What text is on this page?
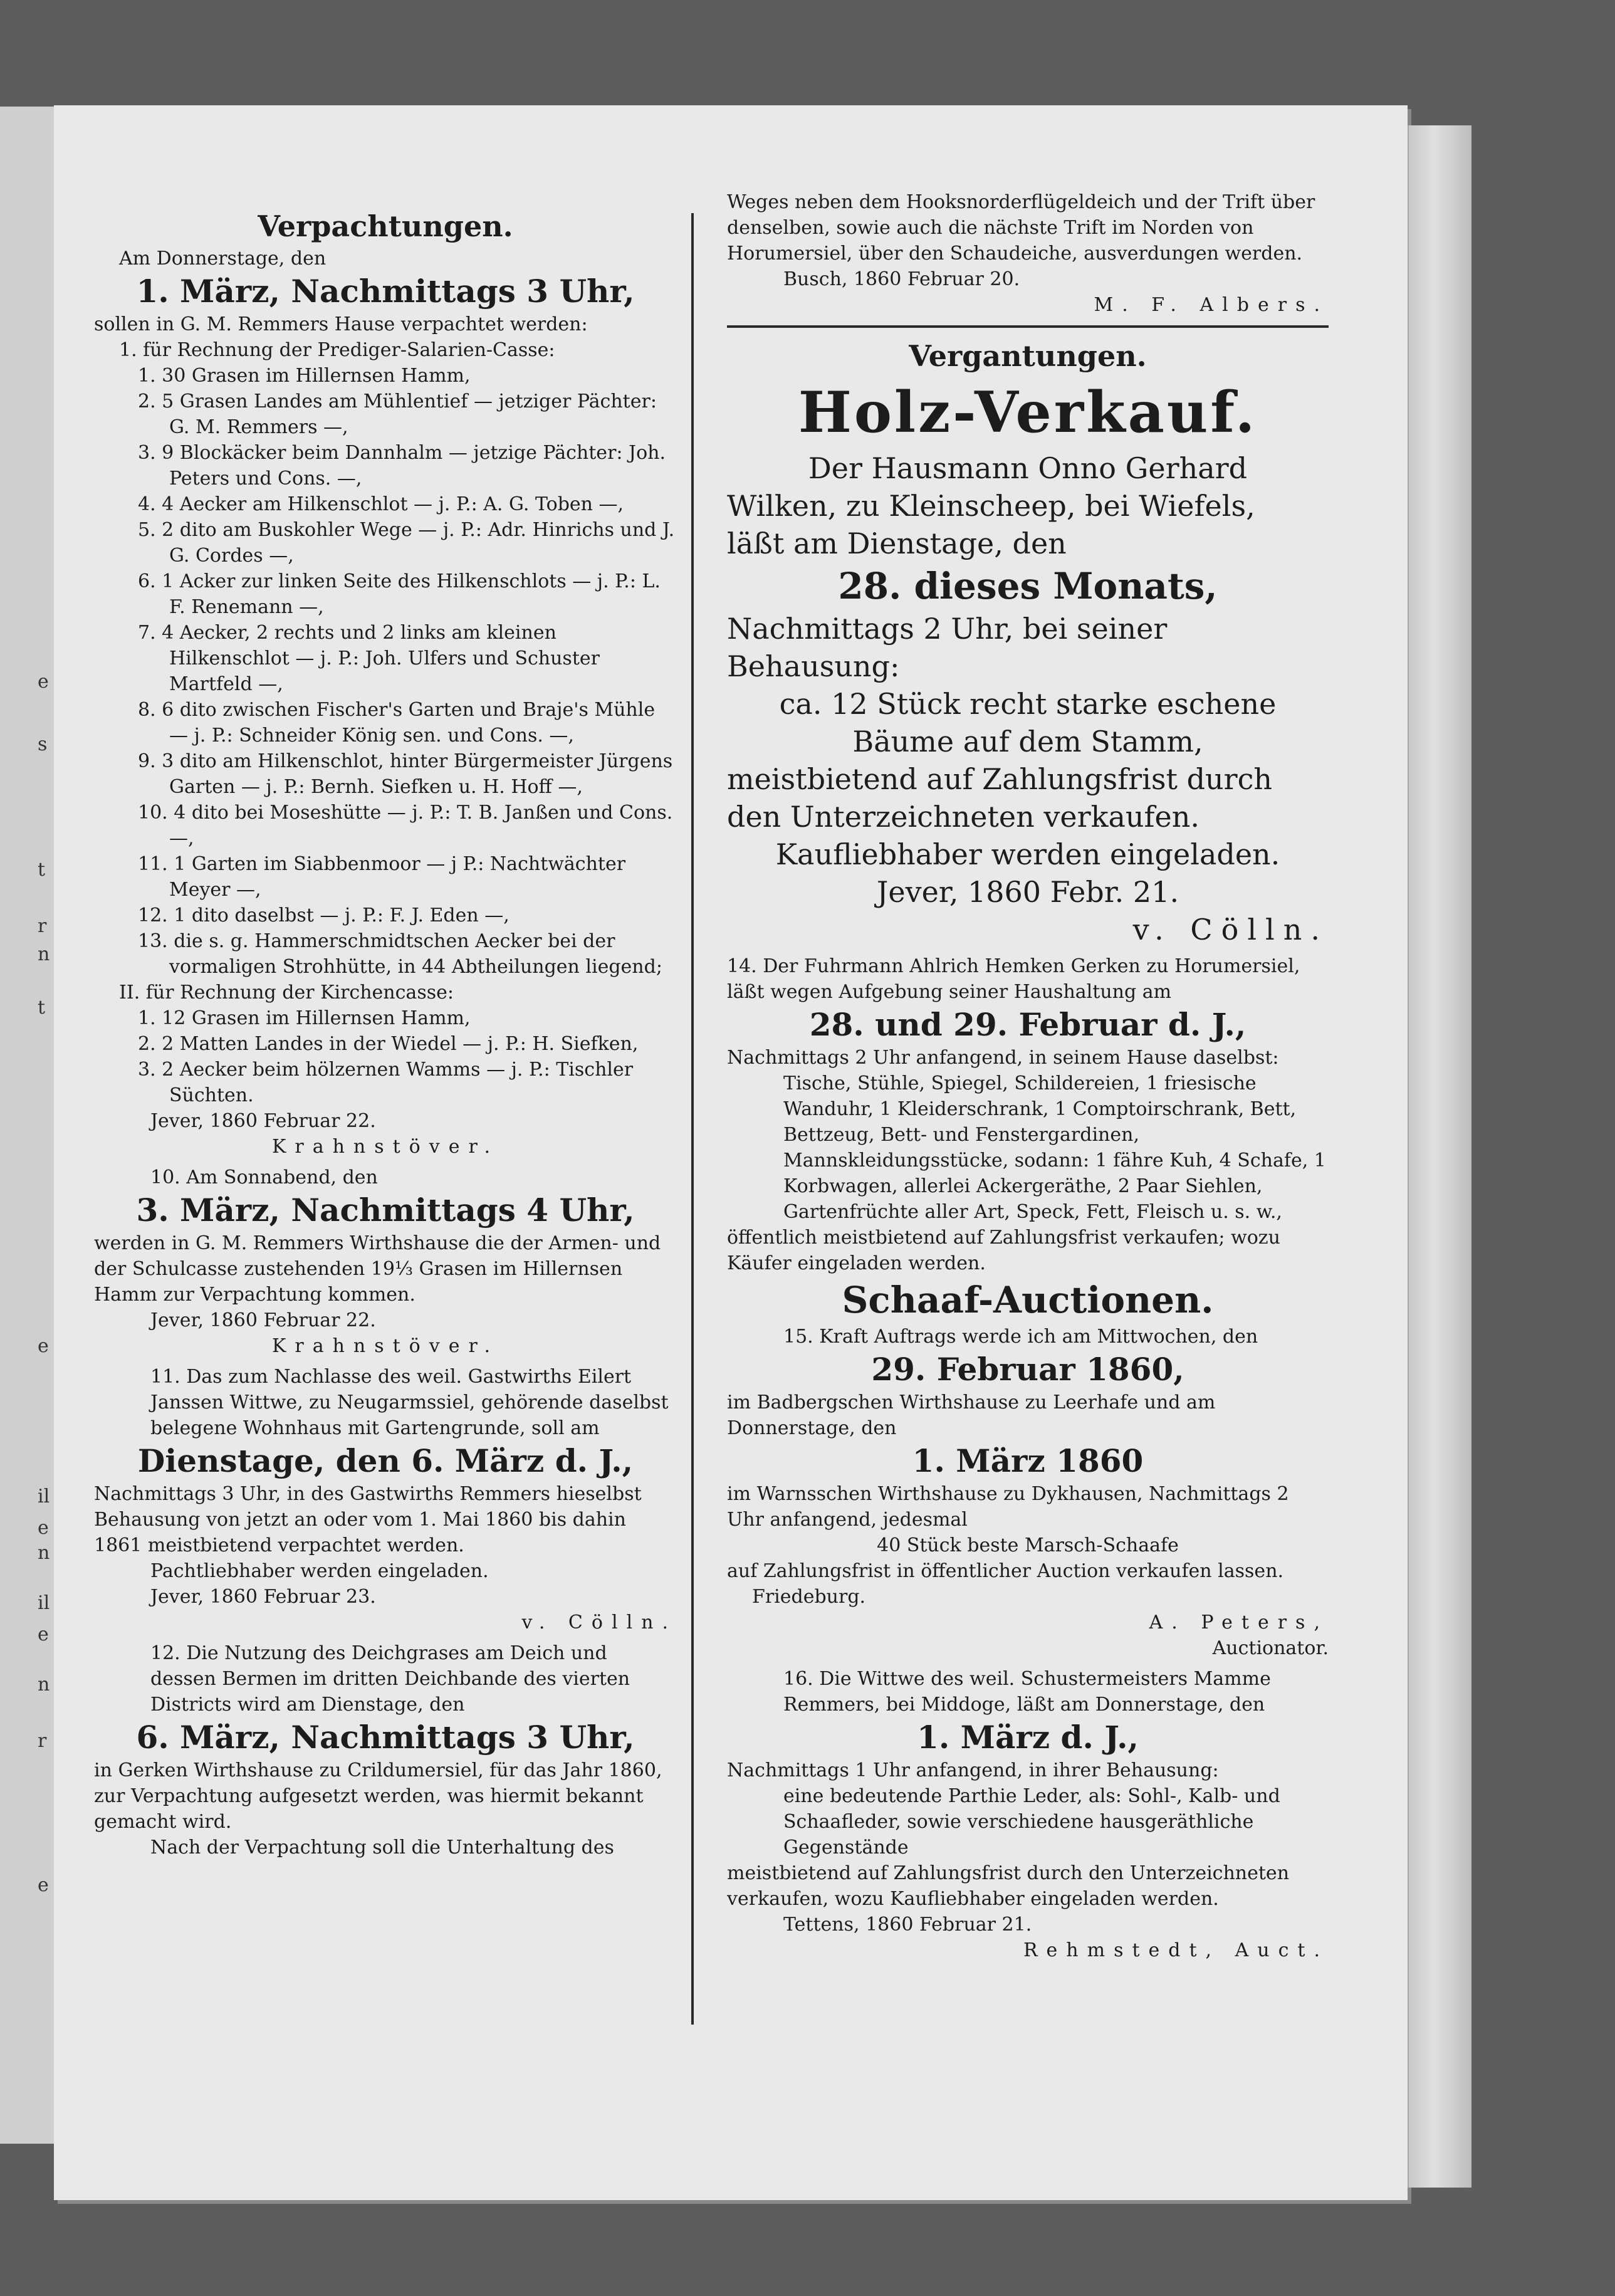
e
s
t
r
n
t
e
il
e
n
il
e
n
r
e

Verpachtungen.

Am Donnerstage, den

1. März, Nachmittags 3 Uhr,

sollen in G. M. Remmers Hause verpachtet werden:

1. für Rechnung der Prediger-Salarien-Casse:

1. 30 Grasen im Hillernsen Hamm,

2. 5 Grasen Landes am Mühlentief — jetziger Pächter: G. M. Remmers —,

3. 9 Blockäcker beim Dannhalm — jetzige Pächter: Joh. Peters und Cons. —,

4. 4 Aecker am Hilkenschlot — j. P.: A. G. Toben —,

5. 2 dito am Buskohler Wege — j. P.: Adr. Hinrichs und J. G. Cordes —,

6. 1 Acker zur linken Seite des Hilkenschlots — j. P.: L. F. Renemann —,

7. 4 Aecker, 2 rechts und 2 links am kleinen Hilkenschlot — j. P.: Joh. Ulfers und Schuster Martfeld —,

8. 6 dito zwischen Fischer's Garten und Braje's Mühle — j. P.: Schneider König sen. und Cons. —,

9. 3 dito am Hilkenschlot, hinter Bürgermeister Jürgens Garten — j. P.: Bernh. Siefken u. H. Hoff —,

10. 4 dito bei Moseshütte — j. P.: T. B. Janßen und Cons. —,

11. 1 Garten im Siabbenmoor — j P.: Nachtwächter Meyer —,

12. 1 dito daselbst — j. P.: F. J. Eden —,

13. die s. g. Hammerschmidtschen Aecker bei der vormaligen Strohhütte, in 44 Abtheilungen liegend;

II. für Rechnung der Kirchencasse:

1. 12 Grasen im Hillernsen Hamm,

2. 2 Matten Landes in der Wiedel — j. P.: H. Siefken,

3. 2 Aecker beim hölzernen Wamms — j. P.: Tischler Süchten.

Jever, 1860 Februar 22.

Krahnstöver.

10. Am Sonnabend, den

3. März, Nachmittags 4 Uhr,

werden in G. M. Remmers Wirthshause die der Armen- und der Schulcasse zustehenden 19⅓ Grasen im Hillernsen Hamm zur Verpachtung kommen.

Jever, 1860 Februar 22.

Krahnstöver.

11. Das zum Nachlasse des weil. Gastwirths Eilert Janssen Wittwe, zu Neugarmssiel, gehörende daselbst belegene Wohnhaus mit Gartengrunde, soll am

Dienstage, den 6. März d. J.,

Nachmittags 3 Uhr, in des Gastwirths Remmers hieselbst Behausung von jetzt an oder vom 1. Mai 1860 bis dahin 1861 meistbietend verpachtet werden.

Pachtliebhaber werden eingeladen.

Jever, 1860 Februar 23.

v. Cölln.

12. Die Nutzung des Deichgrases am Deich und dessen Bermen im dritten Deichbande des vierten Districts wird am Dienstage, den

6. März, Nachmittags 3 Uhr,

in Gerken Wirthshause zu Crildumersiel, für das Jahr 1860, zur Verpachtung aufgesetzt werden, was hiermit bekannt gemacht wird.

Nach der Verpachtung soll die Unterhaltung des

Weges neben dem Hooksnorderflügeldeich und der Trift über denselben, sowie auch die nächste Trift im Norden von Horumersiel, über den Schaudeiche, ausverdungen werden.

Busch, 1860 Februar 20.

M. F. Albers.

Vergantungen.

Holz-Verkauf.

Der Hausmann Onno Gerhard

Wilken, zu Kleinscheep, bei Wiefels,

läßt am Dienstage, den

28. dieses Monats,

Nachmittags 2 Uhr, bei seiner Behausung:

ca. 12 Stück recht starke eschene

Bäume auf dem Stamm,

meistbietend auf Zahlungsfrist durch

den Unterzeichneten verkaufen.

Kaufliebhaber werden eingeladen.

Jever, 1860 Febr. 21.

v. Cölln.

14. Der Fuhrmann Ahlrich Hemken Gerken zu Horumersiel, läßt wegen Aufgebung seiner Haushaltung am

28. und 29. Februar d. J.,

Nachmittags 2 Uhr anfangend, in seinem Hause daselbst:

Tische, Stühle, Spiegel, Schildereien, 1 friesische Wanduhr, 1 Kleiderschrank, 1 Comptoirschrank, Bett, Bettzeug, Bett- und Fenstergardinen, Mannskleidungsstücke, sodann: 1 fähre Kuh, 4 Schafe, 1 Korbwagen, allerlei Ackergeräthe, 2 Paar Siehlen, Gartenfrüchte aller Art, Speck, Fett, Fleisch u. s. w.,

öffentlich meistbietend auf Zahlungsfrist verkaufen; wozu Käufer eingeladen werden.

Schaaf-Auctionen.

15. Kraft Auftrags werde ich am Mittwochen, den

29. Februar 1860,

im Badbergschen Wirthshause zu Leerhafe und am Donnerstage, den

1. März 1860

im Warnsschen Wirthshause zu Dykhausen, Nachmittags 2 Uhr anfangend, jedesmal

40 Stück beste Marsch-Schaafe

auf Zahlungsfrist in öffentlicher Auction verkaufen lassen.

Friedeburg.

A. Peters,

Auctionator.

16. Die Wittwe des weil. Schustermeisters Mamme Remmers, bei Middoge, läßt am Donnerstage, den

1. März d. J.,

Nachmittags 1 Uhr anfangend, in ihrer Behausung:

eine bedeutende Parthie Leder, als: Sohl-, Kalb- und Schaafleder, sowie verschiedene hausgeräthliche Gegenstände

meistbietend auf Zahlungsfrist durch den Unterzeichneten verkaufen, wozu Kaufliebhaber eingeladen werden.

Tettens, 1860 Februar 21.

Rehmstedt, Auct.
